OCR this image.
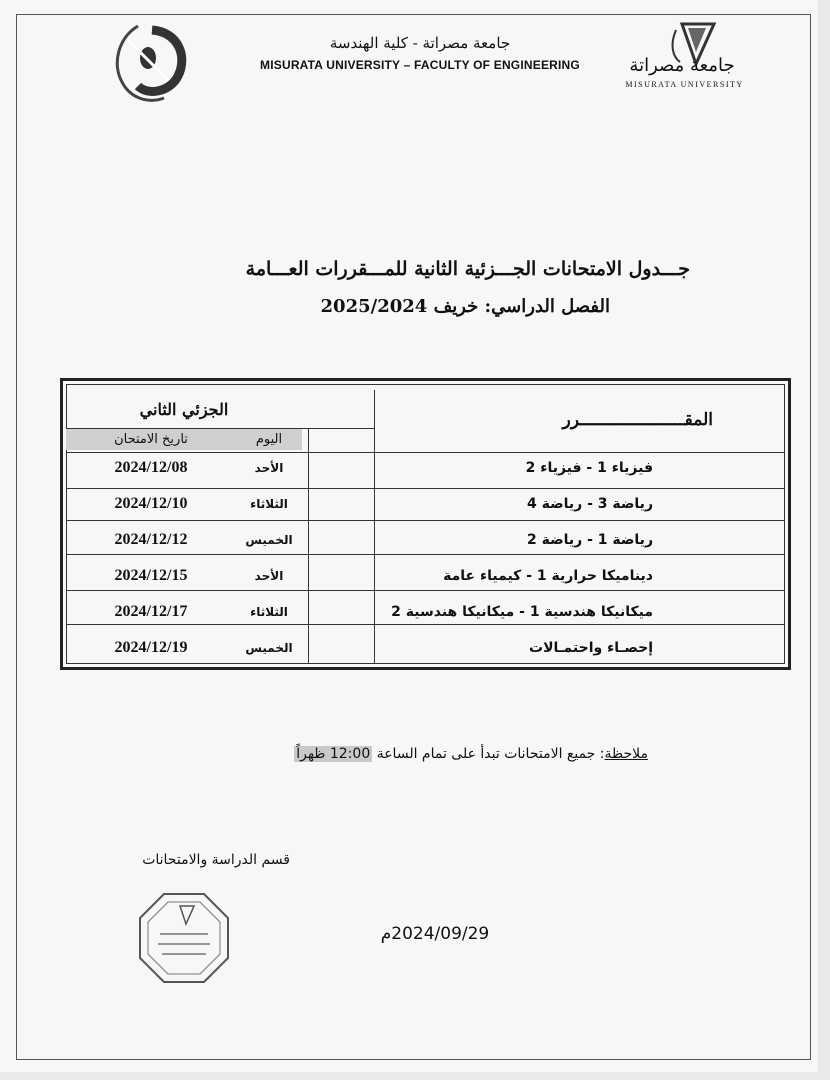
جامعة مصراتة - كلية الهندسة
MISURATA UNIVERSITY – FACULTY OF ENGINEERING	جامعة مصراتة
MISURATA UNIVERSITY
جـــدول الامتحانات الجـــزئية الثانية للمـــقررات العـــامة
الفصل الدراسي: خريف 2025/2024
المقـــــــــــــــــــــرر	الجزئي الثاني	
	اليوم	تاريخ الامتحان
فيزياء 1 - فيزياء 2	الأحد	2024/12/08
رياضة 3 - رياضة 4	الثلاثاء	2024/12/10
رياضة 1 - رياضة 2	الخميس	2024/12/12
ديناميكا حرارية 1 - كيمياء عامة	الأحد	2024/12/15
ميكانيكا هندسية 1 - ميكانيكا هندسية 2	الثلاثاء	2024/12/17
إحصـاء واحتمـالات	الخميس	2024/12/19
ملاحظة: جميع الامتحانات تبدأ على تمام الساعة 12:00 ظهراً
قسم الدراسة والامتحانات
2024/09/29م
